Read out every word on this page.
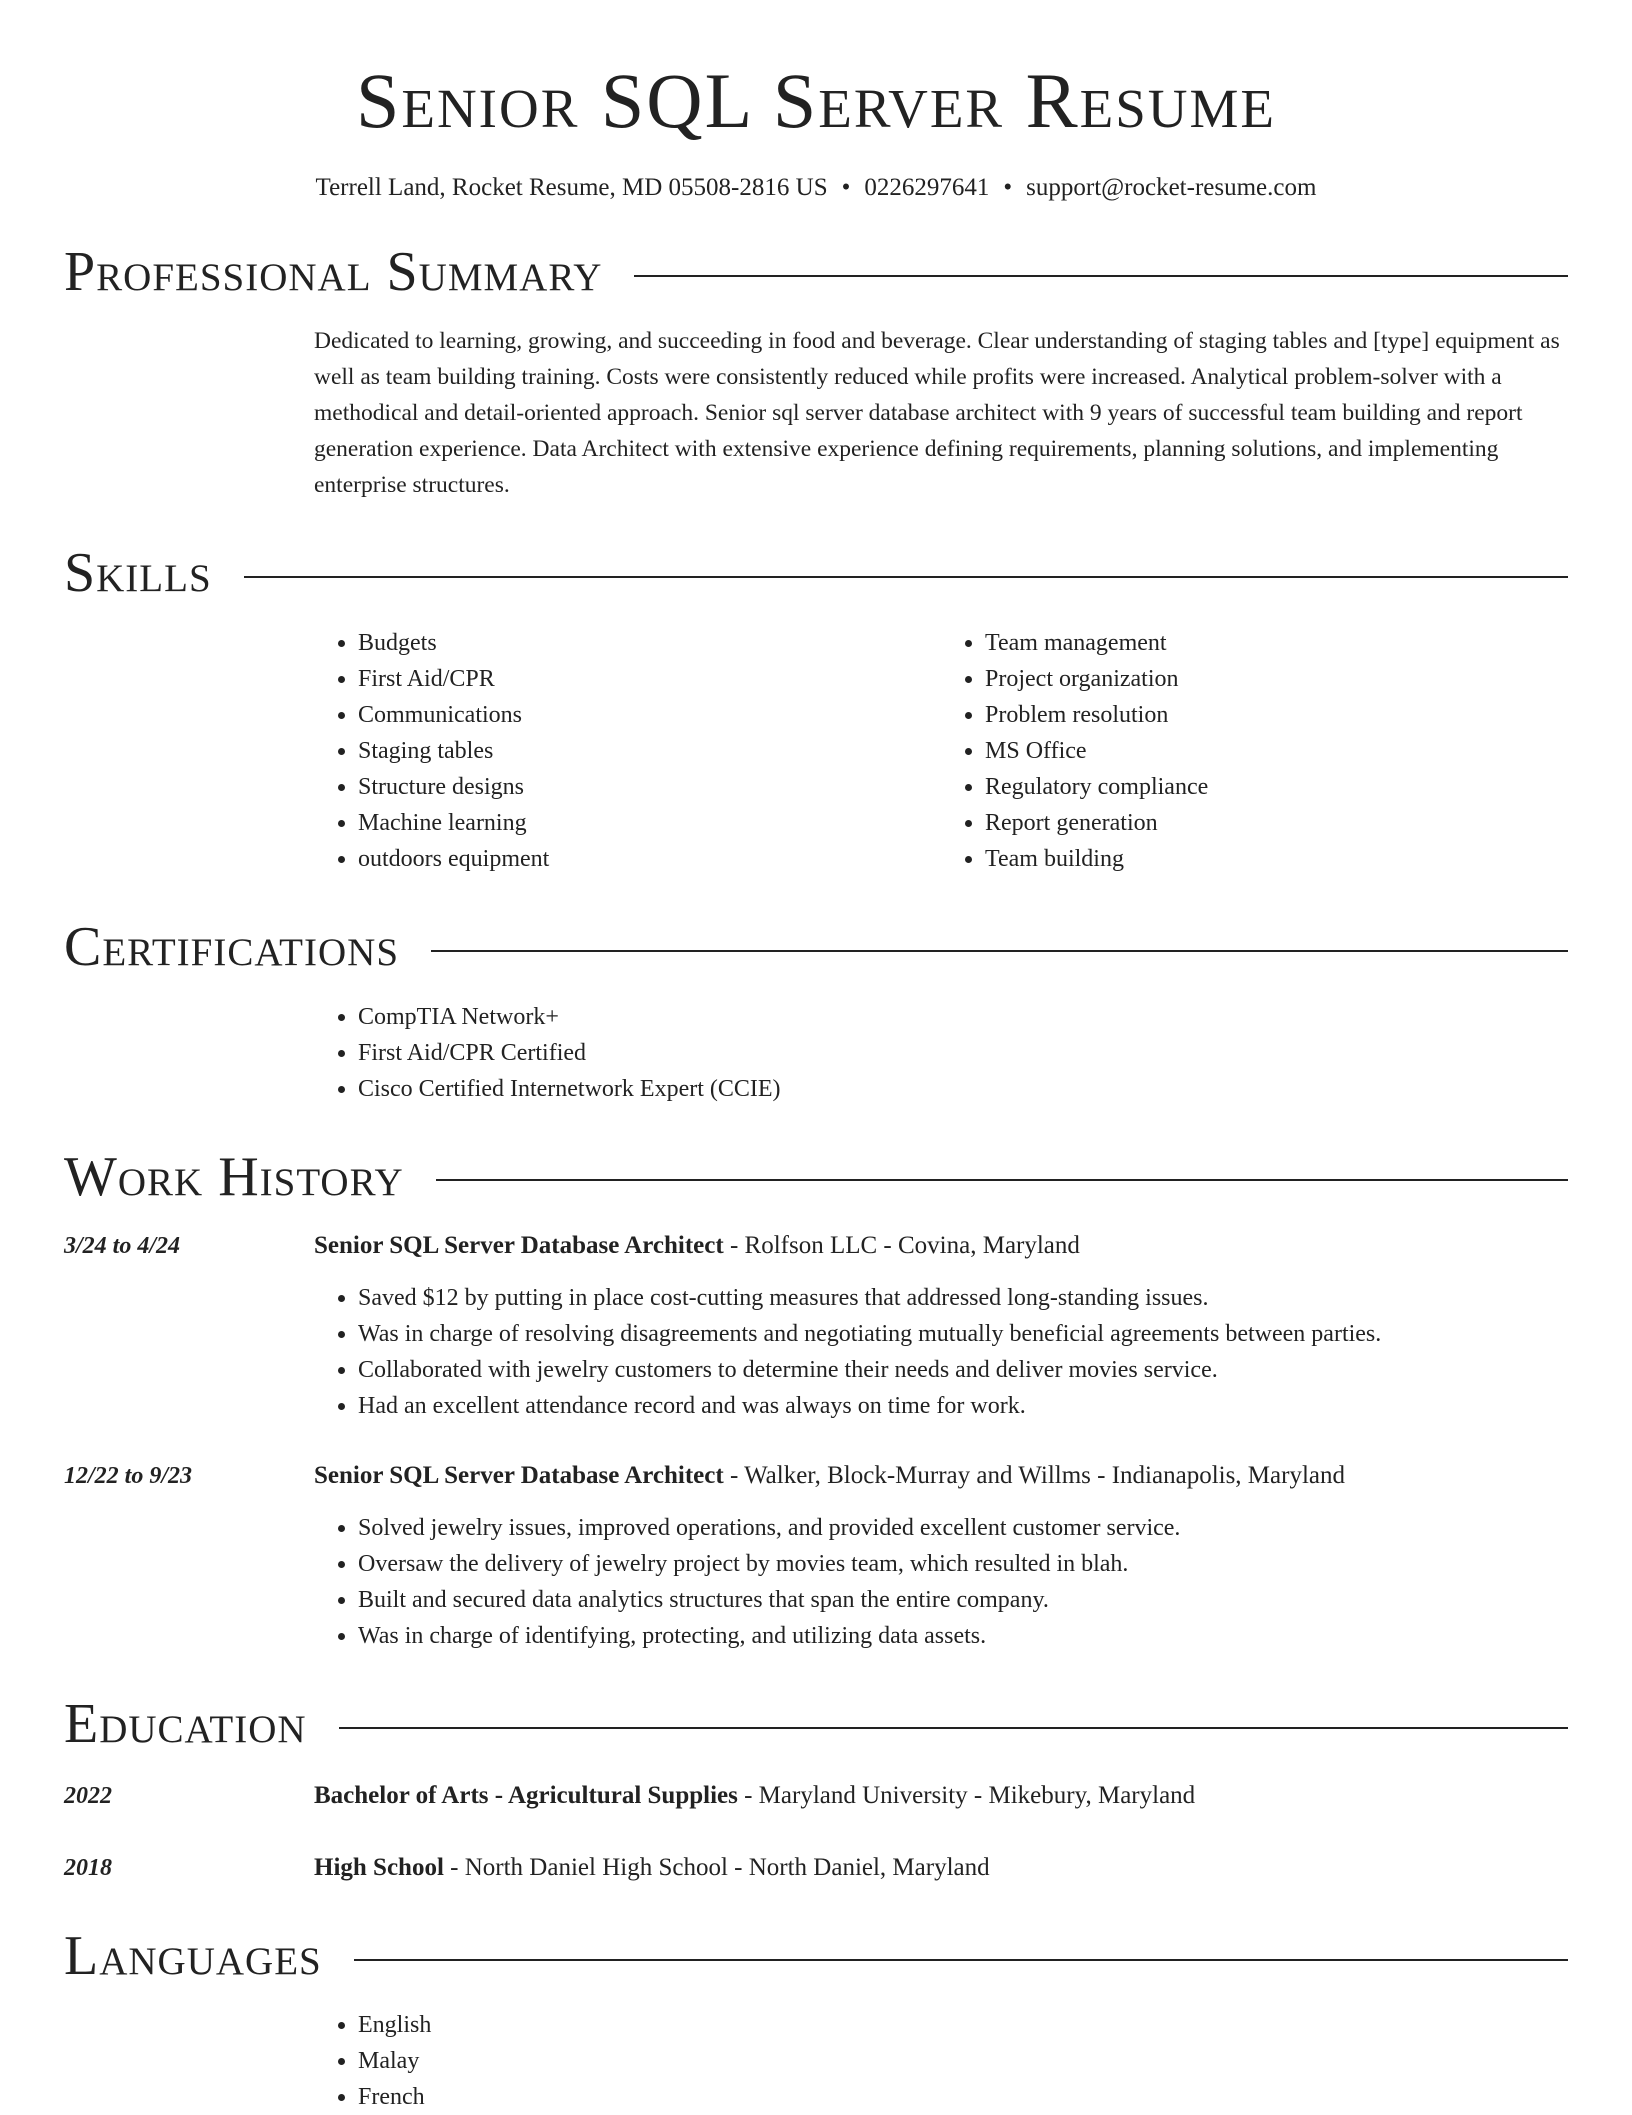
Senior SQL Server Resume
Terrell Land, Rocket Resume, MD 05508-2816 US • 0226297641 • support@rocket-resume.com
Professional Summary
Dedicated to learning, growing, and succeeding in food and beverage. Clear understanding of staging tables and [type] equipment as well as team building training. Costs were consistently reduced while profits were increased. Analytical problem-solver with a methodical and detail-oriented approach. Senior sql server database architect with 9 years of successful team building and report generation experience. Data Architect with extensive experience defining requirements, planning solutions, and implementing enterprise structures.
Skills
• Budgets
• First Aid/CPR
• Communications
• Staging tables
• Structure designs
• Machine learning
• outdoors equipment
• Team management
• Project organization
• Problem resolution
• MS Office
• Regulatory compliance
• Report generation
• Team building
Certifications
• CompTIA Network+
• First Aid/CPR Certified
• Cisco Certified Internetwork Expert (CCIE)
Work History
3/24 to 4/24	Senior SQL Server Database Architect - Rolfson LLC - Covina, Maryland
• Saved $12 by putting in place cost-cutting measures that addressed long-standing issues.
• Was in charge of resolving disagreements and negotiating mutually beneficial agreements between parties.
• Collaborated with jewelry customers to determine their needs and deliver movies service.
• Had an excellent attendance record and was always on time for work.
12/22 to 9/23	Senior SQL Server Database Architect - Walker, Block-Murray and Willms - Indianapolis, Maryland
• Solved jewelry issues, improved operations, and provided excellent customer service.
• Oversaw the delivery of jewelry project by movies team, which resulted in blah.
• Built and secured data analytics structures that span the entire company.
• Was in charge of identifying, protecting, and utilizing data assets.
Education
2022	Bachelor of Arts - Agricultural Supplies - Maryland University - Mikebury, Maryland
2018	High School - North Daniel High School - North Daniel, Maryland
Languages
• English
• Malay
• French
